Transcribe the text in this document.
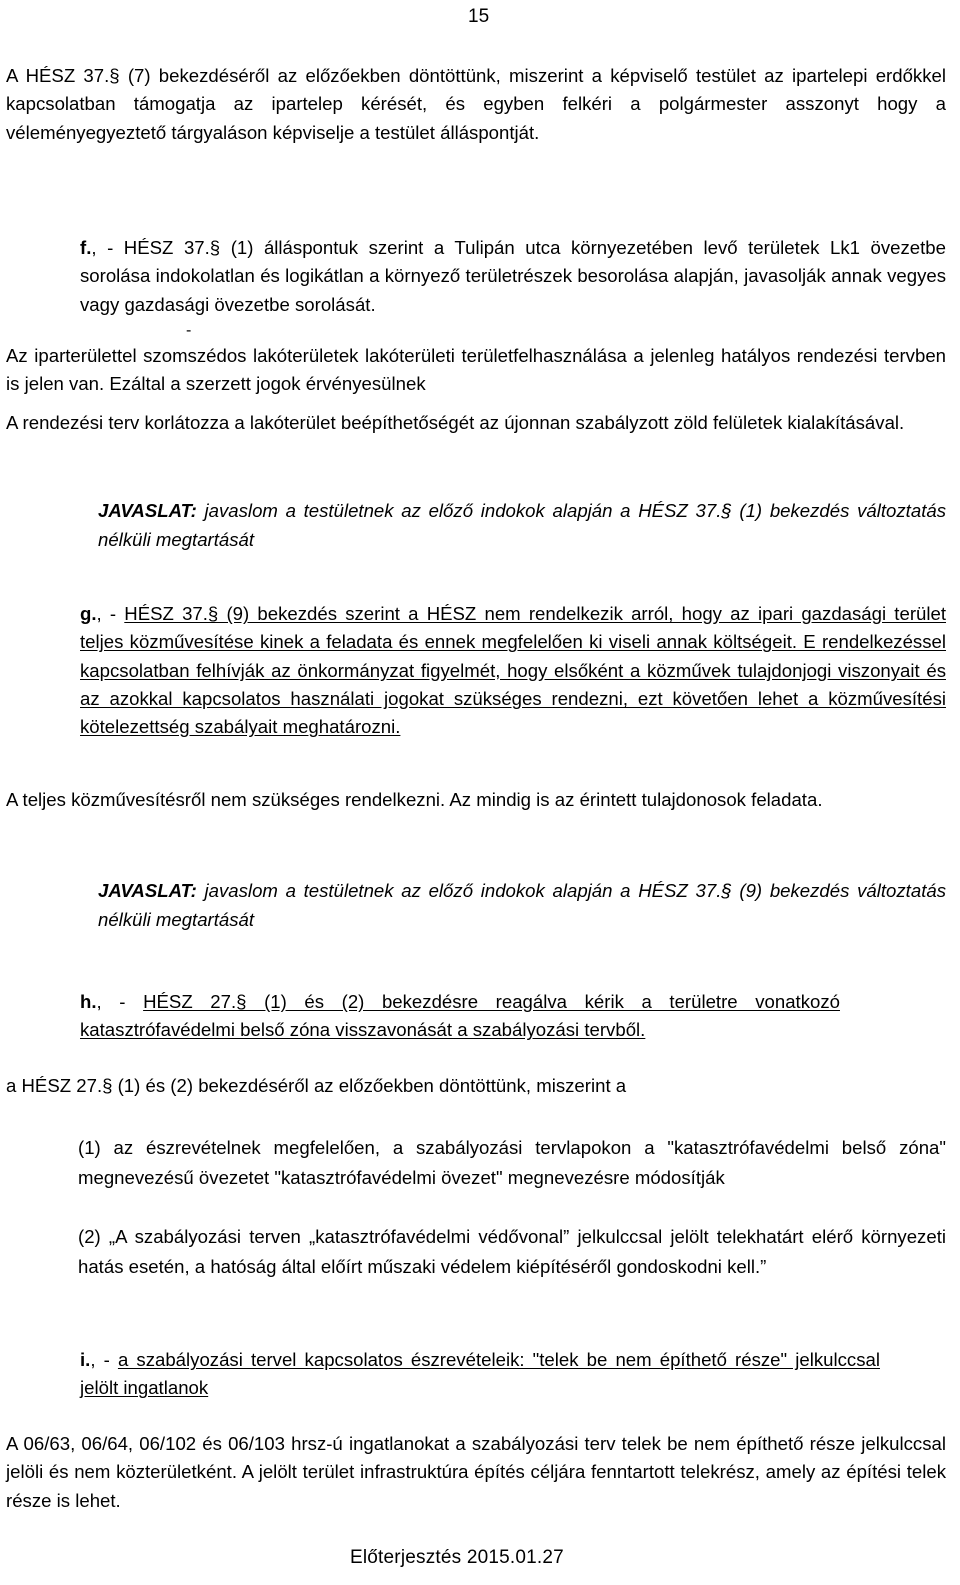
15

A HÉSZ 37.§ (7) bekezdéséről az előzőekben döntöttünk, miszerint a képviselő testület az ipartelepi erdőkkel kapcsolatban támogatja az ipartelep kérését, és egyben felkéri a polgármester asszonyt hogy a véleményegyeztető tárgyaláson képviselje a testület álláspontját.

f., - HÉSZ 37.§ (1) álláspontuk szerint a Tulipán utca környezetében levő területek Lk1 övezetbe sorolása indokolatlan és logikátlan a környező területrészek besorolása alapján, javasolják annak vegyes vagy gazdasági övezetbe sorolását.

-

Az iparterülettel szomszédos lakóterületek lakóterületi területfelhasználása a jelenleg hatályos rendezési tervben is jelen van. Ezáltal a szerzett jogok érvényesülnek

A rendezési terv korlátozza a lakóterület beépíthetőségét az újonnan szabályzott zöld felületek kialakításával.

JAVASLAT: javaslom a testületnek az előző indokok alapján a HÉSZ 37.§ (1) bekezdés változtatás nélküli megtartását

g., - HÉSZ 37.§ (9) bekezdés szerint a HÉSZ nem rendelkezik arról, hogy az ipari gazdasági terület teljes közművesítése kinek a feladata és ennek megfelelően ki viseli annak költségeit. E rendelkezéssel kapcsolatban felhívják az önkormányzat figyelmét, hogy elsőként a közművek tulajdonjogi viszonyait és az azokkal kapcsolatos használati jogokat szükséges rendezni, ezt követően lehet a közművesítési kötelezettség szabályait meghatározni.

A teljes közművesítésről nem szükséges rendelkezni. Az mindig is az érintett tulajdonosok feladata.

JAVASLAT: javaslom a testületnek az előző indokok alapján a HÉSZ 37.§ (9) bekezdés változtatás nélküli megtartását

h., - HÉSZ 27.§ (1) és (2) bekezdésre reagálva kérik a területre vonatkozó katasztrófavédelmi belső zóna visszavonását a szabályozási tervből.

a HÉSZ 27.§ (1) és (2) bekezdéséről az előzőekben döntöttünk, miszerint a

(1) az észrevételnek megfelelően, a szabályozási tervlapokon a "katasztrófavédelmi belső zóna" megnevezésű övezetet "katasztrófavédelmi övezet" megnevezésre módosítják

(2) „A szabályozási terven „katasztrófavédelmi védővonal” jelkulccsal jelölt telekhatárt elérő környezeti hatás esetén, a hatóság által előírt műszaki védelem kiépítéséről gondoskodni kell.”

i., - a szabályozási tervel kapcsolatos észrevételeik: "telek be nem építhető része" jelkulccsal jelölt ingatlanok

A 06/63, 06/64, 06/102 és 06/103 hrsz-ú ingatlanokat a szabályozási terv telek be nem építhető része jelkulccsal jelöli és nem közterületként. A jelölt terület infrastruktúra építés céljára fenntartott telekrész, amely az építési telek része is lehet.

Előterjesztés 2015.01.27
